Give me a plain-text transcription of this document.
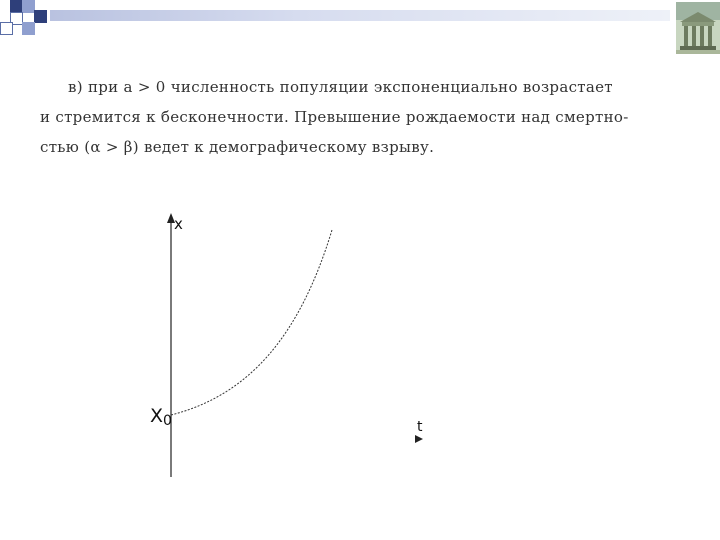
в) при a > 0 численность популяции экспоненциально возрастает
и стремится к бесконечности. Превышение рождаемости над смертно-
стью (α > β) ведет к демографическому взрыву.
x
t
X0
